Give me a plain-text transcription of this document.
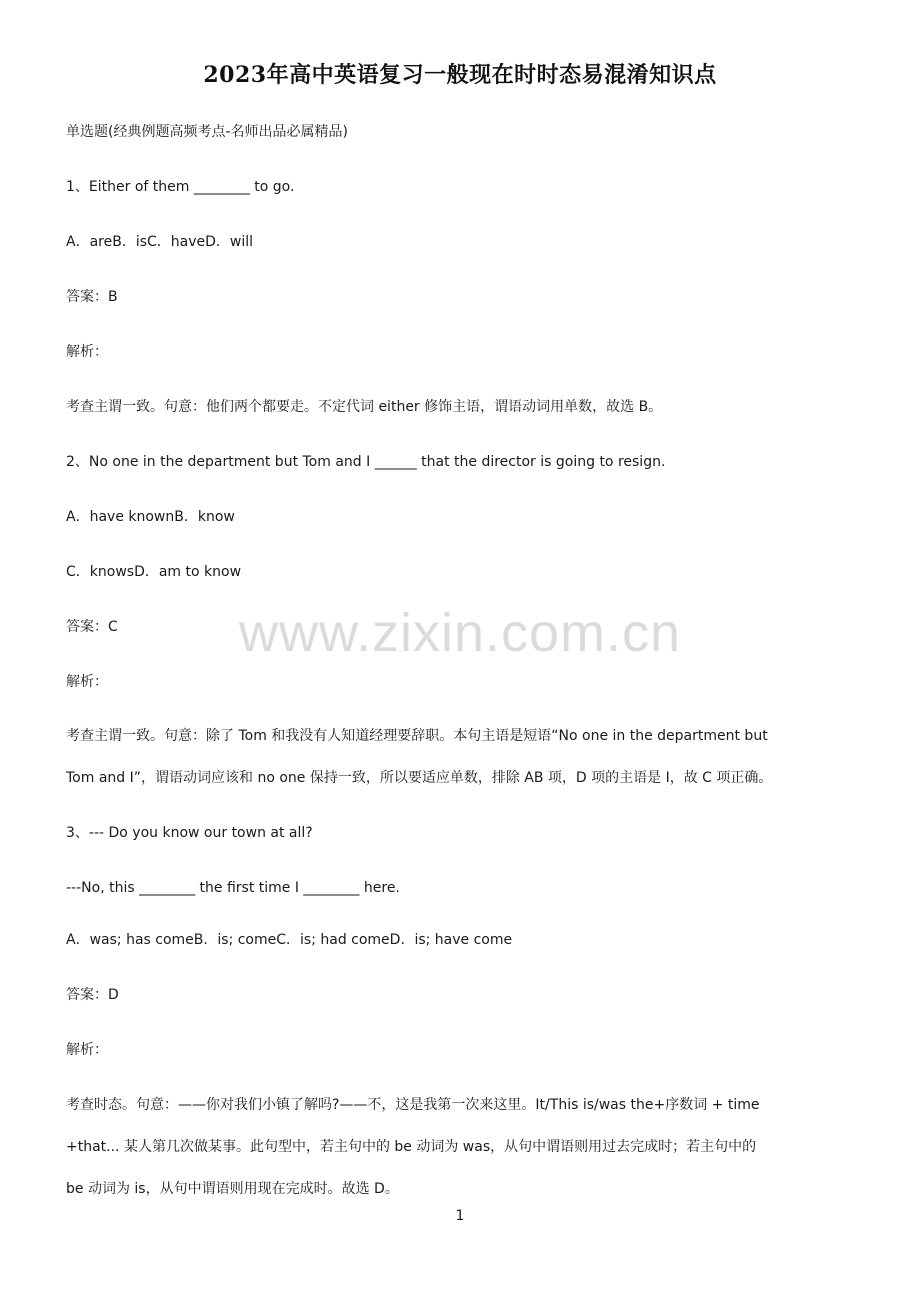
2023年高中英语复习一般现在时时态易混淆知识点
单选题(经典例题高频考点-名师出品必属精品)
1、Either of them ________ to go.
A．areB．isC．haveD．will
答案：B
解析：
考查主谓一致。句意：他们两个都要走。不定代词 either 修饰主语，谓语动词用单数，故选 B。
2、No one in the department but Tom and I ______ that the director is going to resign.
A．have knownB．know
C．knowsD．am to know
答案：C
解析：
考查主谓一致。句意：除了 Tom 和我没有人知道经理要辞职。本句主语是短语“No one in the department but
Tom and I”，谓语动词应该和 no one 保持一致，所以要适应单数，排除 AB 项，D 项的主语是 I，故 C 项正确。
3、--- Do you know our town at all?
---No, this ________ the first time I ________ here.
A．was; has comeB．is; comeC．is; had comeD．is; have come
答案：D
解析：
考查时态。句意：——你对我们小镇了解吗?——不，这是我第一次来这里。It/This is/was the+序数词 + time
+that... 某人第几次做某事。此句型中，若主句中的 be 动词为 was，从句中谓语则用过去完成时；若主句中的
be 动词为 is，从句中谓语则用现在完成时。故选 D。
www.zixin.com.cn
1
